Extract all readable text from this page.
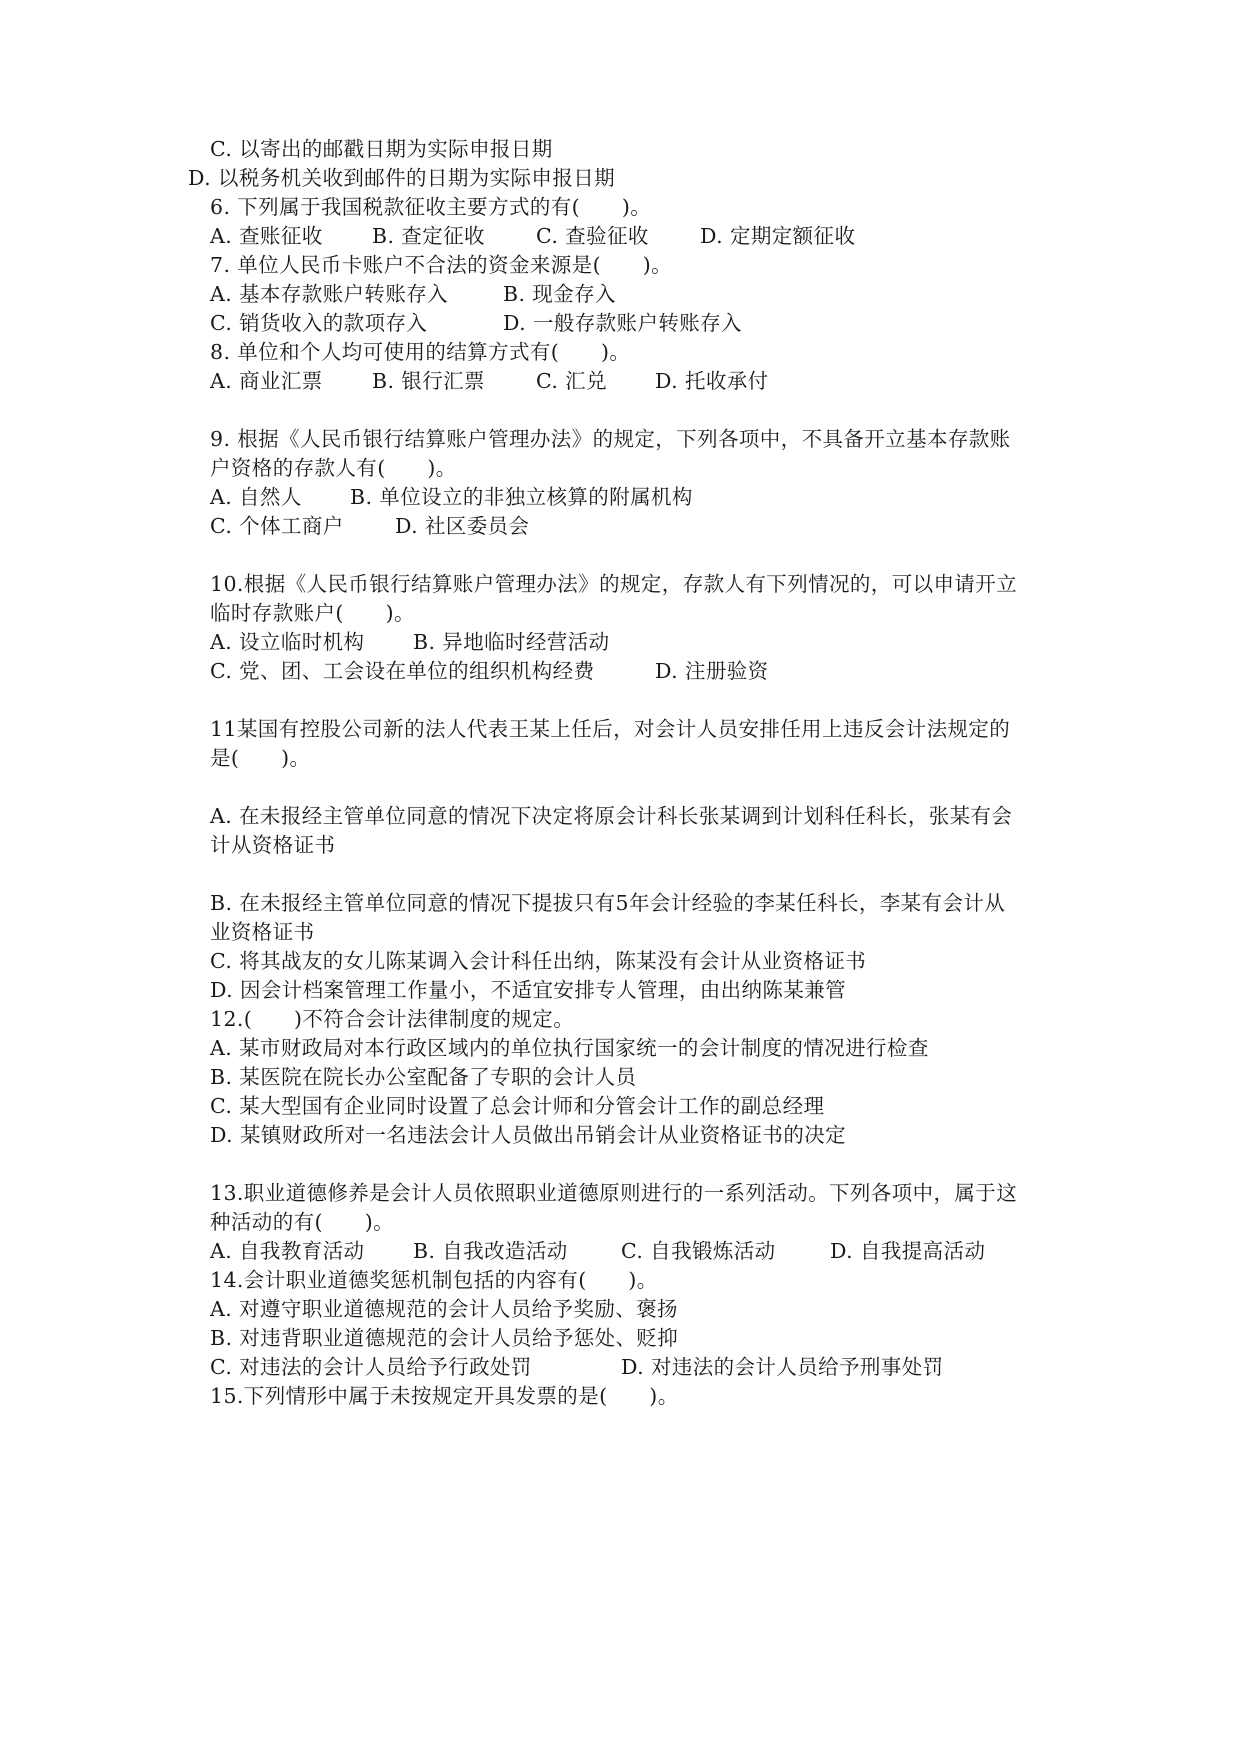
C. 以寄出的邮戳日期为实际申报日期

D. 以税务机关收到邮件的日期为实际申报日期

6. 下列属于我国税款征收主要方式的有(　　)。

A. 查账征收 B. 查定征收 C. 查验征收 D. 定期定额征收

7. 单位人民币卡账户不合法的资金来源是(　　)。

A. 基本存款账户转账存入	B. 现金存入

C. 销货收入的款项存入	D. 一般存款账户转账存入

8. 单位和个人均可使用的结算方式有(　　)。

A. 商业汇票 B. 银行汇票 C. 汇兑 D. 托收承付

9. 根据《人民币银行结算账户管理办法》的规定，下列各项中，不具备开立基本存款账

户资格的存款人有(　　)。

A. 自然人 B. 单位设立的非独立核算的附属机构

C. 个体工商户	D. 社区委员会

10.根据《人民币银行结算账户管理办法》的规定，存款人有下列情况的，可以申请开立

临时存款账户(　　)。

A. 设立临时机构 B. 异地临时经营活动

C. 党、团、工会设在单位的组织机构经费	D. 注册验资

11某国有控股公司新的法人代表王某上任后，对会计人员安排任用上违反会计法规定的

是(　　)。

A. 在未报经主管单位同意的情况下决定将原会计科长张某调到计划科任科长，张某有会

计从资格证书

B. 在未报经主管单位同意的情况下提拔只有5年会计经验的李某任科长，李某有会计从

业资格证书

C. 将其战友的女儿陈某调入会计科任出纳，陈某没有会计从业资格证书

D. 因会计档案管理工作量小，不适宜安排专人管理，由出纳陈某兼管

12.(　　)不符合会计法律制度的规定。

A. 某市财政局对本行政区域内的单位执行国家统一的会计制度的情况进行检查

B. 某医院在院长办公室配备了专职的会计人员

C. 某大型国有企业同时设置了总会计师和分管会计工作的副总经理

D. 某镇财政所对一名违法会计人员做出吊销会计从业资格证书的决定

13.职业道德修养是会计人员依照职业道德原则进行的一系列活动。下列各项中，属于这

种活动的有(　　)。

A. 自我教育活动 B. 自我改造活动	C. 自我锻炼活动	D. 自我提高活动

14.会计职业道德奖惩机制包括的内容有(　　)。

A. 对遵守职业道德规范的会计人员给予奖励、褒扬

B. 对违背职业道德规范的会计人员给予惩处、贬抑

C. 对违法的会计人员给予行政处罚	D. 对违法的会计人员给予刑事处罚

15.下列情形中属于未按规定开具发票的是(　　)。
